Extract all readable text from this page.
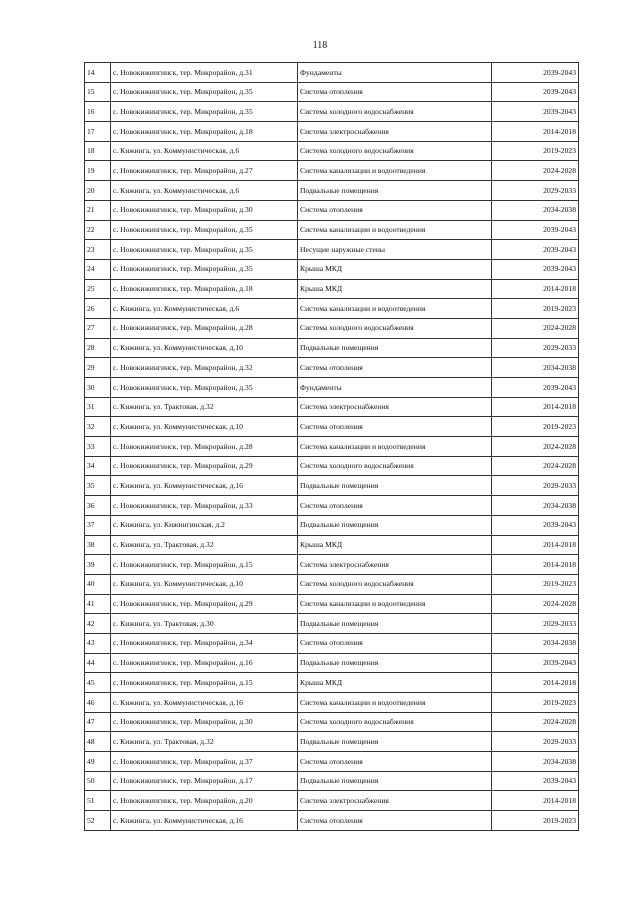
118
14	с. Новокижингинск, тер. Микрорайон, д.31	Фундаменты	2039-2043
15	с. Новокижингинск, тер. Микрорайон, д.35	Система отопления	2039-2043
16	с. Новокижингинск, тер. Микрорайон, д.35	Система холодного водоснабжения	2039-2043
17	с. Новокижингинск, тер. Микрорайон, д.18	Система электроснабжения	2014-2018
18	с. Кижинга, ул. Коммунистическая, д.6	Система холодного водоснабжения	2019-2023
19	с. Новокижингинск, тер. Микрорайон, д.27	Система канализации и водоотведения	2024-2028
20	с. Кижинга, ул. Коммунистическая, д.6	Подвальные помещения	2029-2033
21	с. Новокижингинск, тер. Микрорайон, д.30	Система отопления	2034-2038
22	с. Новокижингинск, тер. Микрорайон, д.35	Система канализации и водоотведения	2039-2043
23	с. Новокижингинск, тер. Микрорайон, д.35	Несущие наружные стены	2039-2043
24	с. Новокижингинск, тер. Микрорайон, д.35	Крыша МКД	2039-2043
25	с. Новокижингинск, тер. Микрорайон, д.18	Крыша МКД	2014-2018
26	с. Кижинга, ул. Коммунистическая, д.6	Система канализации и водоотведения	2019-2023
27	с. Новокижингинск, тер. Микрорайон, д.28	Система холодного водоснабжения	2024-2028
28	с. Кижинга, ул. Коммунистическая, д.10	Подвальные помещения	2029-2033
29	с. Новокижингинск, тер. Микрорайон, д.32	Система отопления	2034-2038
30	с. Новокижингинск, тер. Микрорайон, д.35	Фундаменты	2039-2043
31	с. Кижинга, ул. Трактовая, д.32	Система электроснабжения	2014-2018
32	с. Кижинга, ул. Коммунистическая, д.10	Система отопления	2019-2023
33	с. Новокижингинск, тер. Микрорайон, д.28	Система канализации и водоотведения	2024-2028
34	с. Новокижингинск, тер. Микрорайон, д.29	Система холодного водоснабжения	2024-2028
35	с. Кижинга, ул. Коммунистическая, д.16	Подвальные помещения	2029-2033
36	с. Новокижингинск, тер. Микрорайон, д.33	Система отопления	2034-2038
37	с. Кижинга, ул. Кижингинская, д.2	Подвальные помещения	2039-2043
38	с. Кижинга, ул. Трактовая, д.32	Крыша МКД	2014-2018
39	с. Новокижингинск, тер. Микрорайон, д.15	Система электроснабжения	2014-2018
40	с. Кижинга, ул. Коммунистическая, д.10	Система холодного водоснабжения	2019-2023
41	с. Новокижингинск, тер. Микрорайон, д.29	Система канализации и водоотведения	2024-2028
42	с. Кижинга, ул. Трактовая, д.30	Подвальные помещения	2029-2033
43	с. Новокижингинск, тер. Микрорайон, д.34	Система отопления	2034-2038
44	с. Новокижингинск, тер. Микрорайон, д.16	Подвальные помещения	2039-2043
45	с. Новокижингинск, тер. Микрорайон, д.15	Крыша МКД	2014-2018
46	с. Кижинга, ул. Коммунистическая, д.16	Система канализации и водоотведения	2019-2023
47	с. Новокижингинск, тер. Микрорайон, д.30	Система холодного водоснабжения	2024-2028
48	с. Кижинга, ул. Трактовая, д.32	Подвальные помещения	2029-2033
49	с. Новокижингинск, тер. Микрорайон, д.37	Система отопления	2034-2038
50	с. Новокижингинск, тер. Микрорайон, д.17	Подвальные помещения	2039-2043
51	с. Новокижингинск, тер. Микрорайон, д.20	Система электроснабжения	2014-2018
52	с. Кижинга, ул. Коммунистическая, д.16	Система отопления	2019-2023
